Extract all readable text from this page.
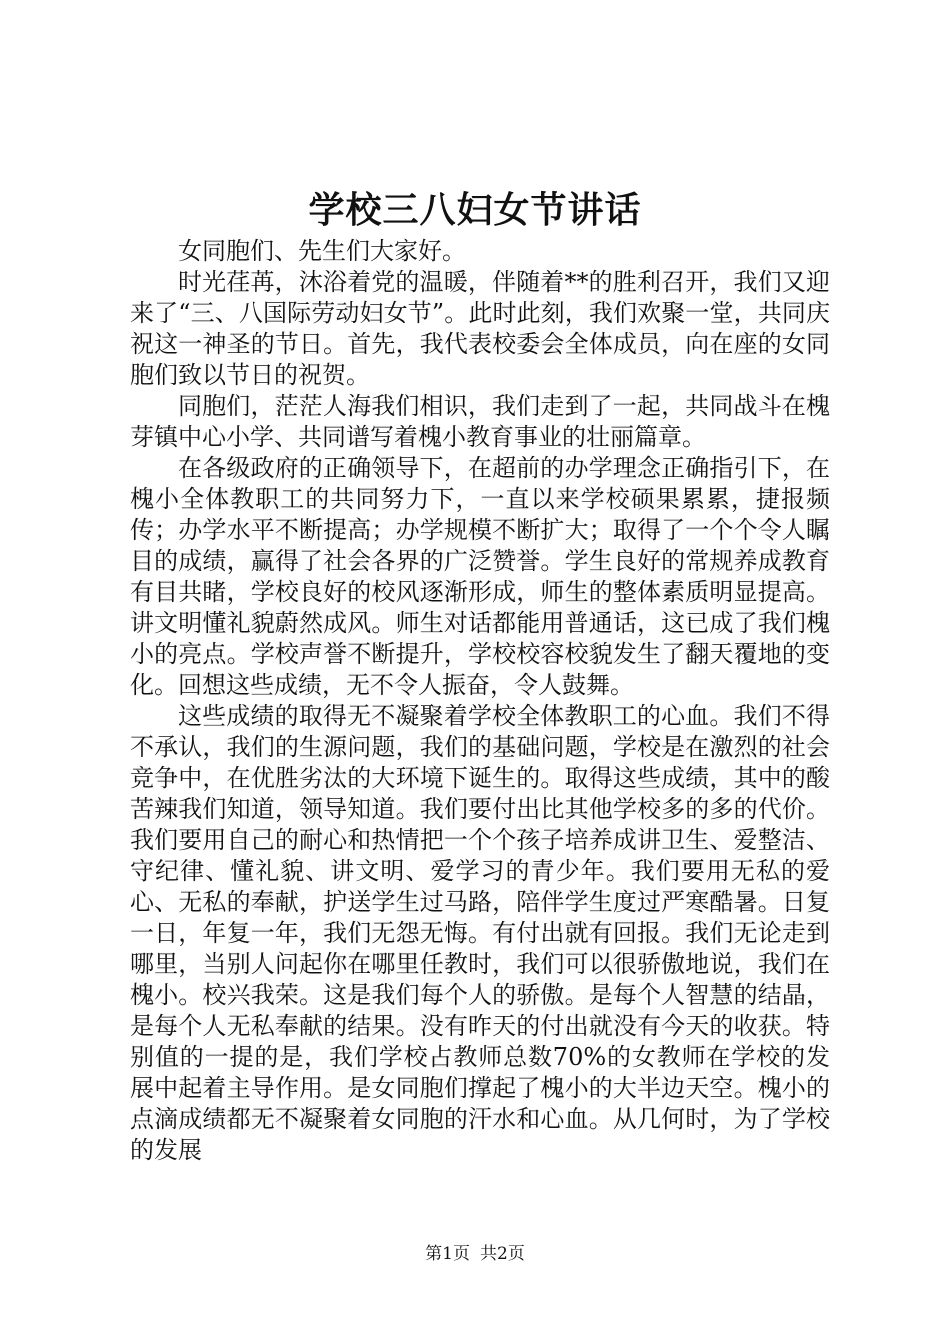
学校三八妇女节讲话

女同胞们、先生们大家好。

时光荏苒，沐浴着党的温暖，伴随着**的胜利召开，我们又迎来了“三、八国际劳动妇女节”。此时此刻，我们欢聚一堂，共同庆祝这一神圣的节日。首先，我代表校委会全体成员，向在座的女同胞们致以节日的祝贺。

同胞们，茫茫人海我们相识，我们走到了一起，共同战斗在槐芽镇中心小学、共同谱写着槐小教育事业的壮丽篇章。

在各级政府的正确领导下，在超前的办学理念正确指引下，在槐小全体教职工的共同努力下，一直以来学校硕果累累，捷报频传；办学水平不断提高；办学规模不断扩大；取得了一个个令人瞩目的成绩，赢得了社会各界的广泛赞誉。学生良好的常规养成教育有目共睹，学校良好的校风逐渐形成，师生的整体素质明显提高。讲文明懂礼貌蔚然成风。师生对话都能用普通话，这已成了我们槐小的亮点。学校声誉不断提升，学校校容校貌发生了翻天覆地的变化。回想这些成绩，无不令人振奋，令人鼓舞。

这些成绩的取得无不凝聚着学校全体教职工的心血。我们不得不承认，我们的生源问题，我们的基础问题，学校是在激烈的社会竞争中，在优胜劣汰的大环境下诞生的。取得这些成绩，其中的酸苦辣我们知道，领导知道。我们要付出比其他学校多的多的代价。我们要用自己的耐心和热情把一个个孩子培养成讲卫生、爱整洁、守纪律、懂礼貌、讲文明、爱学习的青少年。我们要用无私的爱心、无私的奉献，护送学生过马路，陪伴学生度过严寒酷暑。日复一日，年复一年，我们无怨无悔。有付出就有回报。我们无论走到哪里，当别人问起你在哪里任教时，我们可以很骄傲地说，我们在槐小。校兴我荣。这是我们每个人的骄傲。是每个人智慧的结晶，是每个人无私奉献的结果。没有昨天的付出就没有今天的收获。特别值的一提的是，我们学校占教师总数70%的女教师在学校的发展中起着主导作用。是女同胞们撑起了槐小的大半边天空。槐小的点滴成绩都无不凝聚着女同胞的汗水和心血。从几何时，为了学校的发展

第1页 共2页
